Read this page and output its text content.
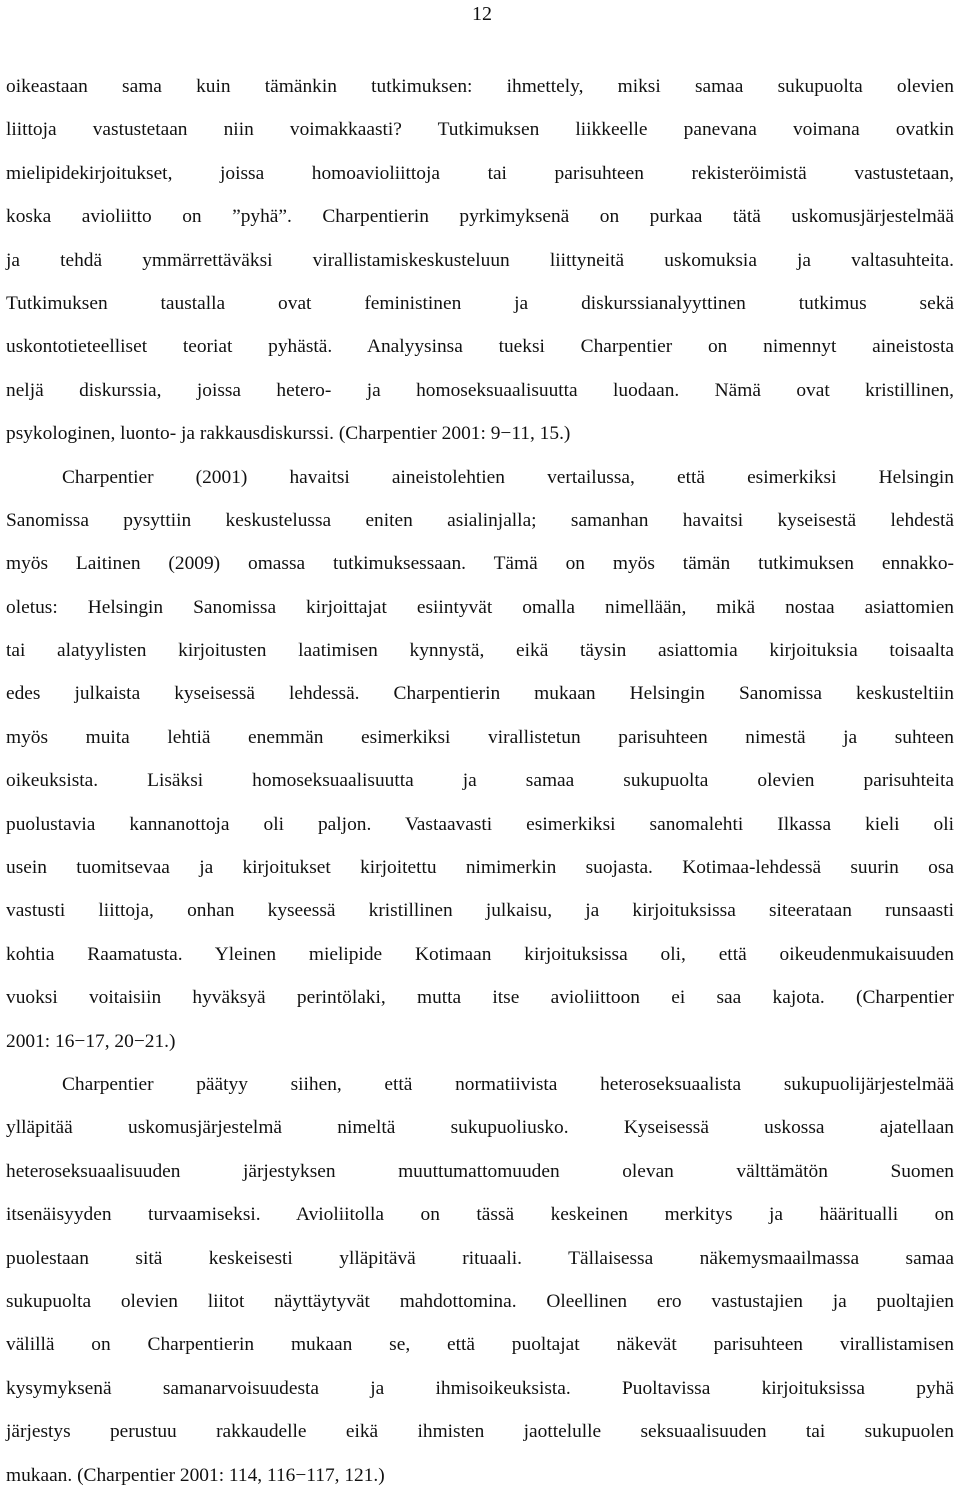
12
oikeastaan sama kuin tämänkin tutkimuksen: ihmettely, miksi samaa sukupuolta olevien
liittoja vastustetaan niin voimakkaasti? Tutkimuksen liikkeelle panevana voimana ovatkin
mielipidekirjoitukset, joissa homoavioliittoja tai parisuhteen rekisteröimistä vastustetaan,
koska avioliitto on ”pyhä”. Charpentierin pyrkimyksenä on purkaa tätä uskomusjärjestelmää
ja tehdä ymmärrettäväksi virallistamiskeskusteluun liittyneitä uskomuksia ja valtasuhteita.
Tutkimuksen taustalla ovat feministinen ja diskurssianalyyttinen tutkimus sekä
uskontotieteelliset teoriat pyhästä. Analyysinsa tueksi Charpentier on nimennyt aineistosta
neljä diskurssia, joissa hetero- ja homoseksuaalisuutta luodaan. Nämä ovat kristillinen,
psykologinen, luonto- ja rakkausdiskurssi. (Charpentier 2001: 9−11, 15.)
Charpentier (2001) havaitsi aineistolehtien vertailussa, että esimerkiksi Helsingin
Sanomissa pysyttiin keskustelussa eniten asialinjalla; samanhan havaitsi kyseisestä lehdestä
myös Laitinen (2009) omassa tutkimuksessaan. Tämä on myös tämän tutkimuksen ennakko-
oletus: Helsingin Sanomissa kirjoittajat esiintyvät omalla nimellään, mikä nostaa asiattomien
tai alatyylisten kirjoitusten laatimisen kynnystä, eikä täysin asiattomia kirjoituksia toisaalta
edes julkaista kyseisessä lehdessä. Charpentierin mukaan Helsingin Sanomissa keskusteltiin
myös muita lehtiä enemmän esimerkiksi virallistetun parisuhteen nimestä ja suhteen
oikeuksista. Lisäksi homoseksuaalisuutta ja samaa sukupuolta olevien parisuhteita
puolustavia kannanottoja oli paljon. Vastaavasti esimerkiksi sanomalehti Ilkassa kieli oli
usein tuomitsevaa ja kirjoitukset kirjoitettu nimimerkin suojasta. Kotimaa-lehdessä suurin osa
vastusti liittoja, onhan kyseessä kristillinen julkaisu, ja kirjoituksissa siteerataan runsaasti
kohtia Raamatusta. Yleinen mielipide Kotimaan kirjoituksissa oli, että oikeudenmukaisuuden
vuoksi voitaisiin hyväksyä perintölaki, mutta itse avioliittoon ei saa kajota. (Charpentier
2001: 16−17, 20−21.)
Charpentier päätyy siihen, että normatiivista heteroseksuaalista sukupuolijärjestelmää
ylläpitää uskomusjärjestelmä nimeltä sukupuoliusko. Kyseisessä uskossa ajatellaan
heteroseksuaalisuuden järjestyksen muuttumattomuuden olevan välttämätön Suomen
itsenäisyyden turvaamiseksi. Avioliitolla on tässä keskeinen merkitys ja hääritualli on
puolestaan sitä keskeisesti ylläpitävä rituaali. Tällaisessa näkemysmaailmassa samaa
sukupuolta olevien liitot näyttäytyvät mahdottomina. Oleellinen ero vastustajien ja puoltajien
välillä on Charpentierin mukaan se, että puoltajat näkevät parisuhteen virallistamisen
kysymyksenä samanarvoisuudesta ja ihmisoikeuksista. Puoltavissa kirjoituksissa pyhä
järjestys perustuu rakkaudelle eikä ihmisten jaottelulle seksuaalisuuden tai sukupuolen
mukaan. (Charpentier 2001: 114, 116−117, 121.)
